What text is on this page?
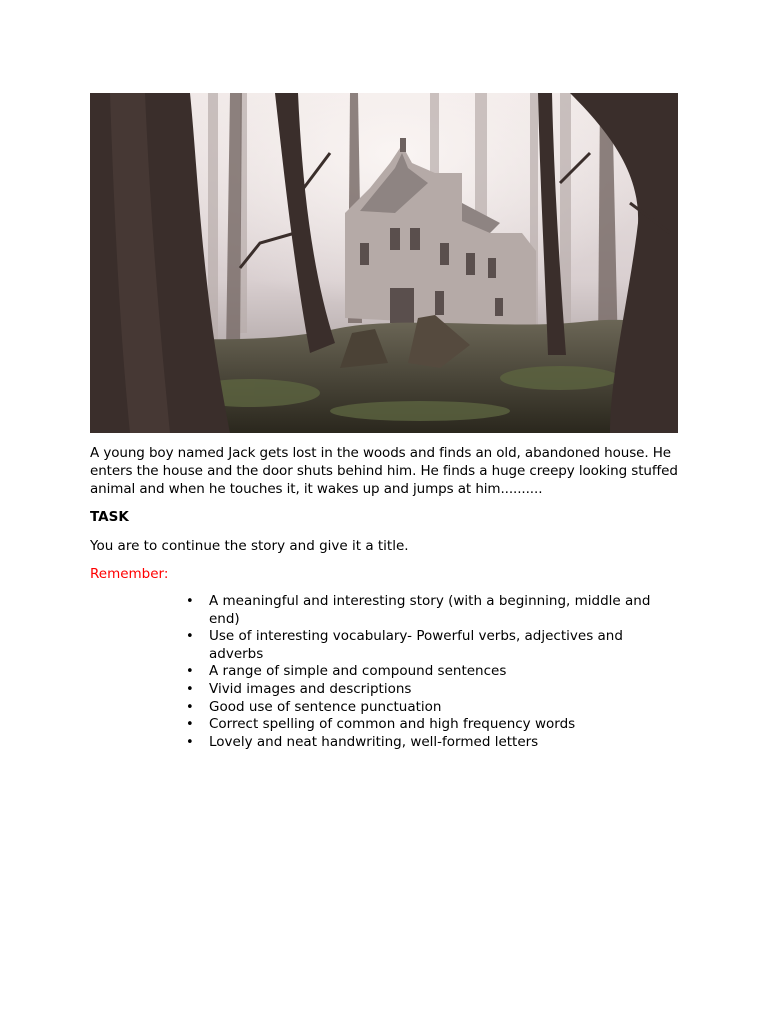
A young boy named Jack gets lost in the woods and finds an old, abandoned house. He enters the house and the door shuts behind him. He finds a huge creepy looking stuffed animal and when he touches it, it wakes up and jumps at him..........

TASK

You are to continue the story and give it a title.

Remember:

• A meaningful and interesting story (with a beginning, middle and end)
• Use of interesting vocabulary- Powerful verbs, adjectives and adverbs
• A range of simple and compound sentences
• Vivid images and descriptions
• Good use of sentence punctuation
• Correct spelling of common and high frequency words
• Lovely and neat handwriting, well-formed letters
